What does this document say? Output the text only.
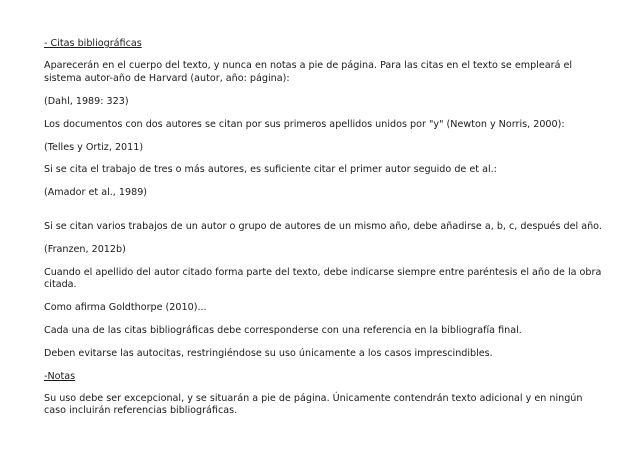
- Citas bibliográficas
Aparecerán en el cuerpo del texto, y nunca en notas a pie de página. Para las citas en el texto se empleará el sistema autor-año de Harvard (autor, año: página):
(Dahl, 1989: 323)
Los documentos con dos autores se citan por sus primeros apellidos unidos por "y" (Newton y Norris, 2000):
(Telles y Ortiz, 2011)
Si se cita el trabajo de tres o más autores, es suficiente citar el primer autor seguido de et al.:
(Amador et al., 1989)
Si se citan varios trabajos de un autor o grupo de autores de un mismo año, debe añadirse a, b, c, después del año.
(Franzen, 2012b)
Cuando el apellido del autor citado forma parte del texto, debe indicarse siempre entre paréntesis el año de la obra citada.
Como afirma Goldthorpe (2010)...
Cada una de las citas bibliográficas debe corresponderse con una referencia en la bibliografía final.
Deben evitarse las autocitas, restringiéndose su uso únicamente a los casos imprescindibles.
-Notas
Su uso debe ser excepcional, y se situarán a pie de página. Únicamente contendrán texto adicional y en ningún caso incluirán referencias bibliográficas.
